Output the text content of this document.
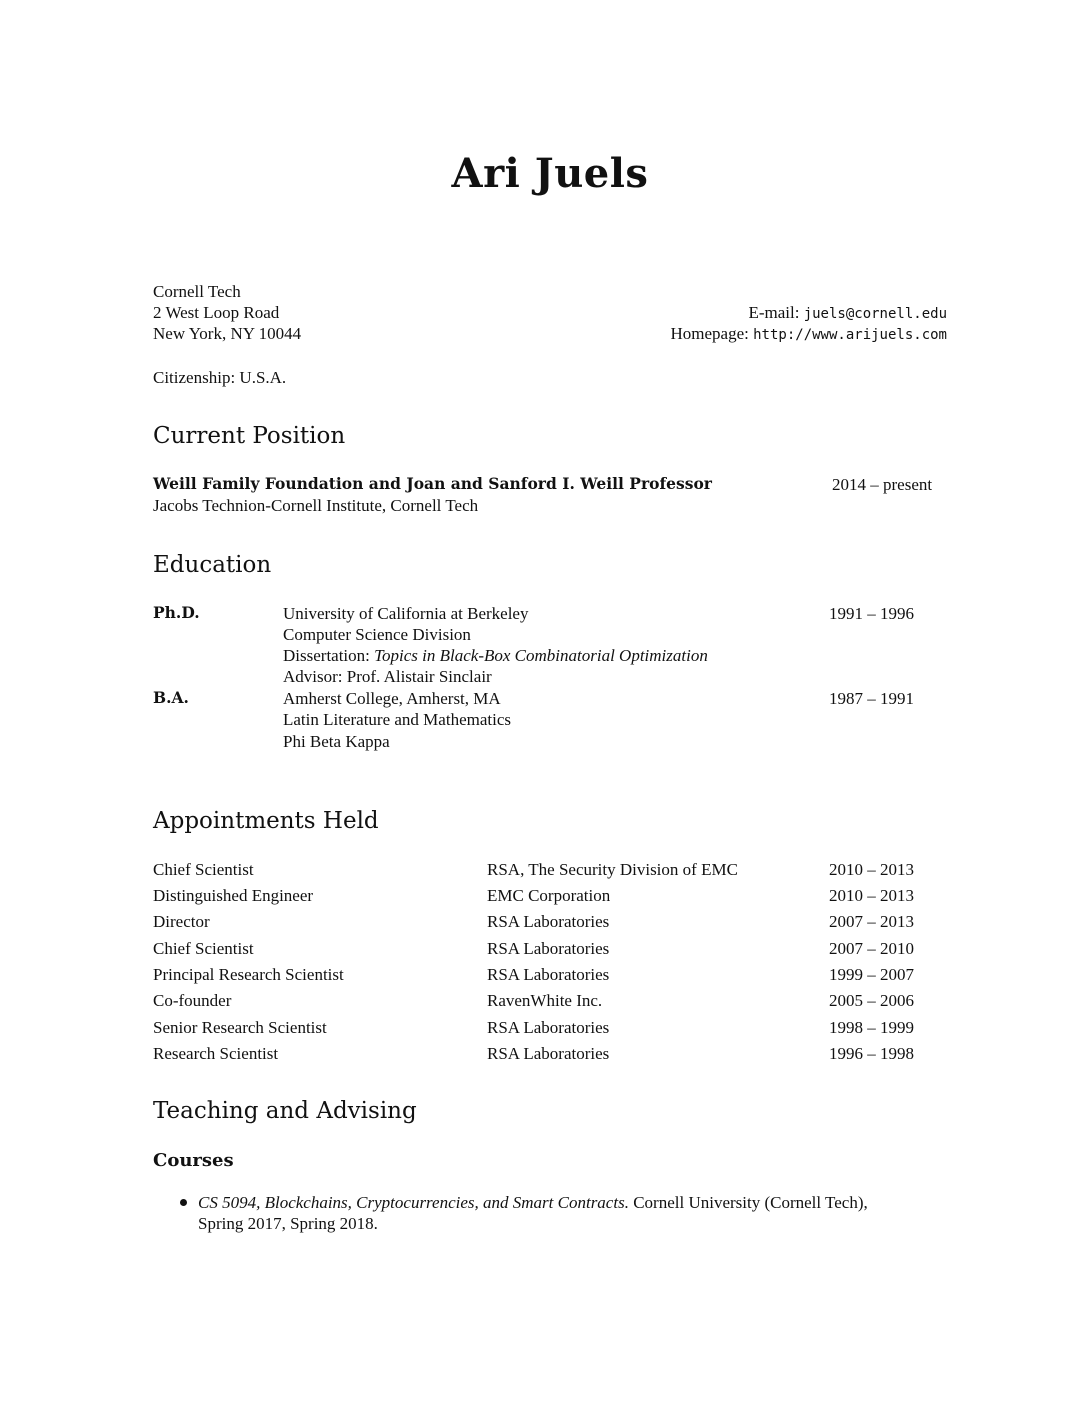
Ari Juels
Cornell Tech
2 West Loop Road
New York, NY 10044
E-mail: juels@cornell.edu
Homepage: http://www.arijuels.com
Citizenship: U.S.A.
Current Position
Weill Family Foundation and Joan and Sanford I. Weill Professor	2014 – present
Jacobs Technion-Cornell Institute, Cornell Tech
Education
Ph.D.	University of California at Berkeley	1991 – 1996
Computer Science Division
Dissertation: Topics in Black-Box Combinatorial Optimization
Advisor: Prof. Alistair Sinclair
B.A.	Amherst College, Amherst, MA	1987 – 1991
Latin Literature and Mathematics
Phi Beta Kappa
Appointments Held
Chief Scientist	RSA, The Security Division of EMC	2010 – 2013
Distinguished Engineer	EMC Corporation	2010 – 2013
Director	RSA Laboratories	2007 – 2013
Chief Scientist	RSA Laboratories	2007 – 2010
Principal Research Scientist	RSA Laboratories	1999 – 2007
Co-founder	RavenWhite Inc.	2005 – 2006
Senior Research Scientist	RSA Laboratories	1998 – 1999
Research Scientist	RSA Laboratories	1996 – 1998
Teaching and Advising
Courses
CS 5094, Blockchains, Cryptocurrencies, and Smart Contracts. Cornell University (Cornell Tech),
Spring 2017, Spring 2018.
